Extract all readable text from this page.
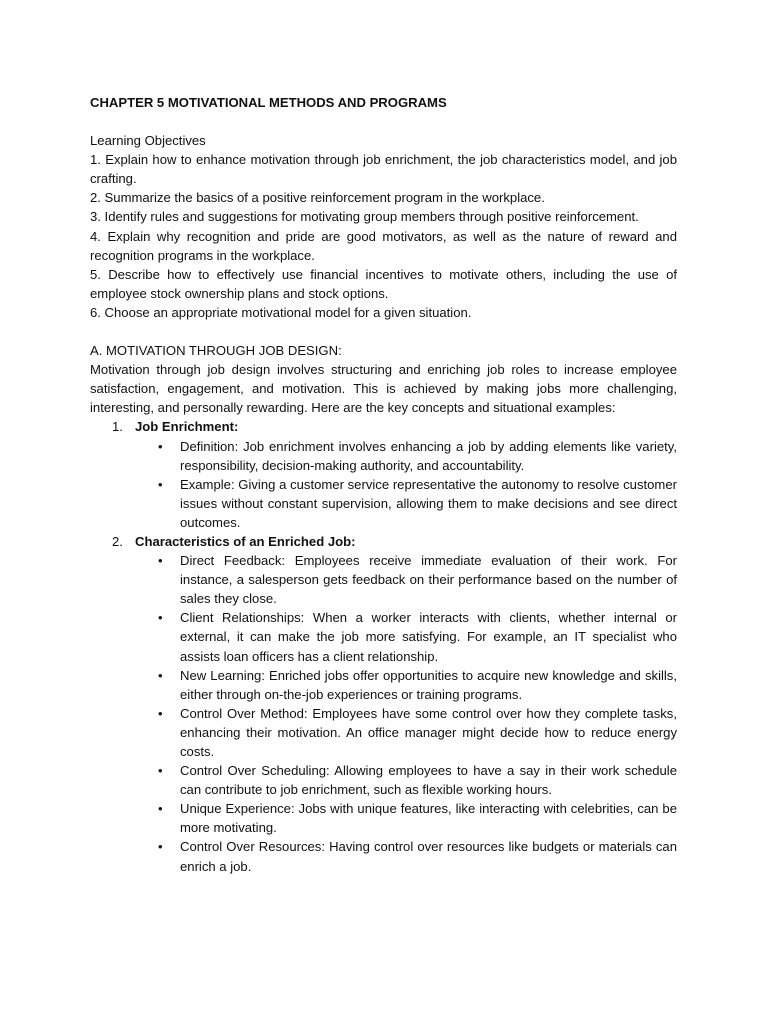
CHAPTER 5 MOTIVATIONAL METHODS AND PROGRAMS

Learning Objectives

1. Explain how to enhance motivation through job enrichment, the job characteristics model, and job crafting.
2. Summarize the basics of a positive reinforcement program in the workplace.
3. Identify rules and suggestions for motivating group members through positive reinforcement.
4. Explain why recognition and pride are good motivators, as well as the nature of reward and recognition programs in the workplace.
5. Describe how to effectively use financial incentives to motivate others, including the use of employee stock ownership plans and stock options.
6. Choose an appropriate motivational model for a given situation.

A. MOTIVATION THROUGH JOB DESIGN:

Motivation through job design involves structuring and enriching job roles to increase employee satisfaction, engagement, and motivation. This is achieved by making jobs more challenging, interesting, and personally rewarding. Here are the key concepts and situational examples:

1. Job Enrichment:
• Definition: Job enrichment involves enhancing a job by adding elements like variety, responsibility, decision-making authority, and accountability.
• Example: Giving a customer service representative the autonomy to resolve customer issues without constant supervision, allowing them to make decisions and see direct outcomes.
2. Characteristics of an Enriched Job:
• Direct Feedback: Employees receive immediate evaluation of their work. For instance, a salesperson gets feedback on their performance based on the number of sales they close.
• Client Relationships: When a worker interacts with clients, whether internal or external, it can make the job more satisfying. For example, an IT specialist who assists loan officers has a client relationship.
• New Learning: Enriched jobs offer opportunities to acquire new knowledge and skills, either through on-the-job experiences or training programs.
• Control Over Method: Employees have some control over how they complete tasks, enhancing their motivation. An office manager might decide how to reduce energy costs.
• Control Over Scheduling: Allowing employees to have a say in their work schedule can contribute to job enrichment, such as flexible working hours.
• Unique Experience: Jobs with unique features, like interacting with celebrities, can be more motivating.
• Control Over Resources: Having control over resources like budgets or materials can enrich a job.
